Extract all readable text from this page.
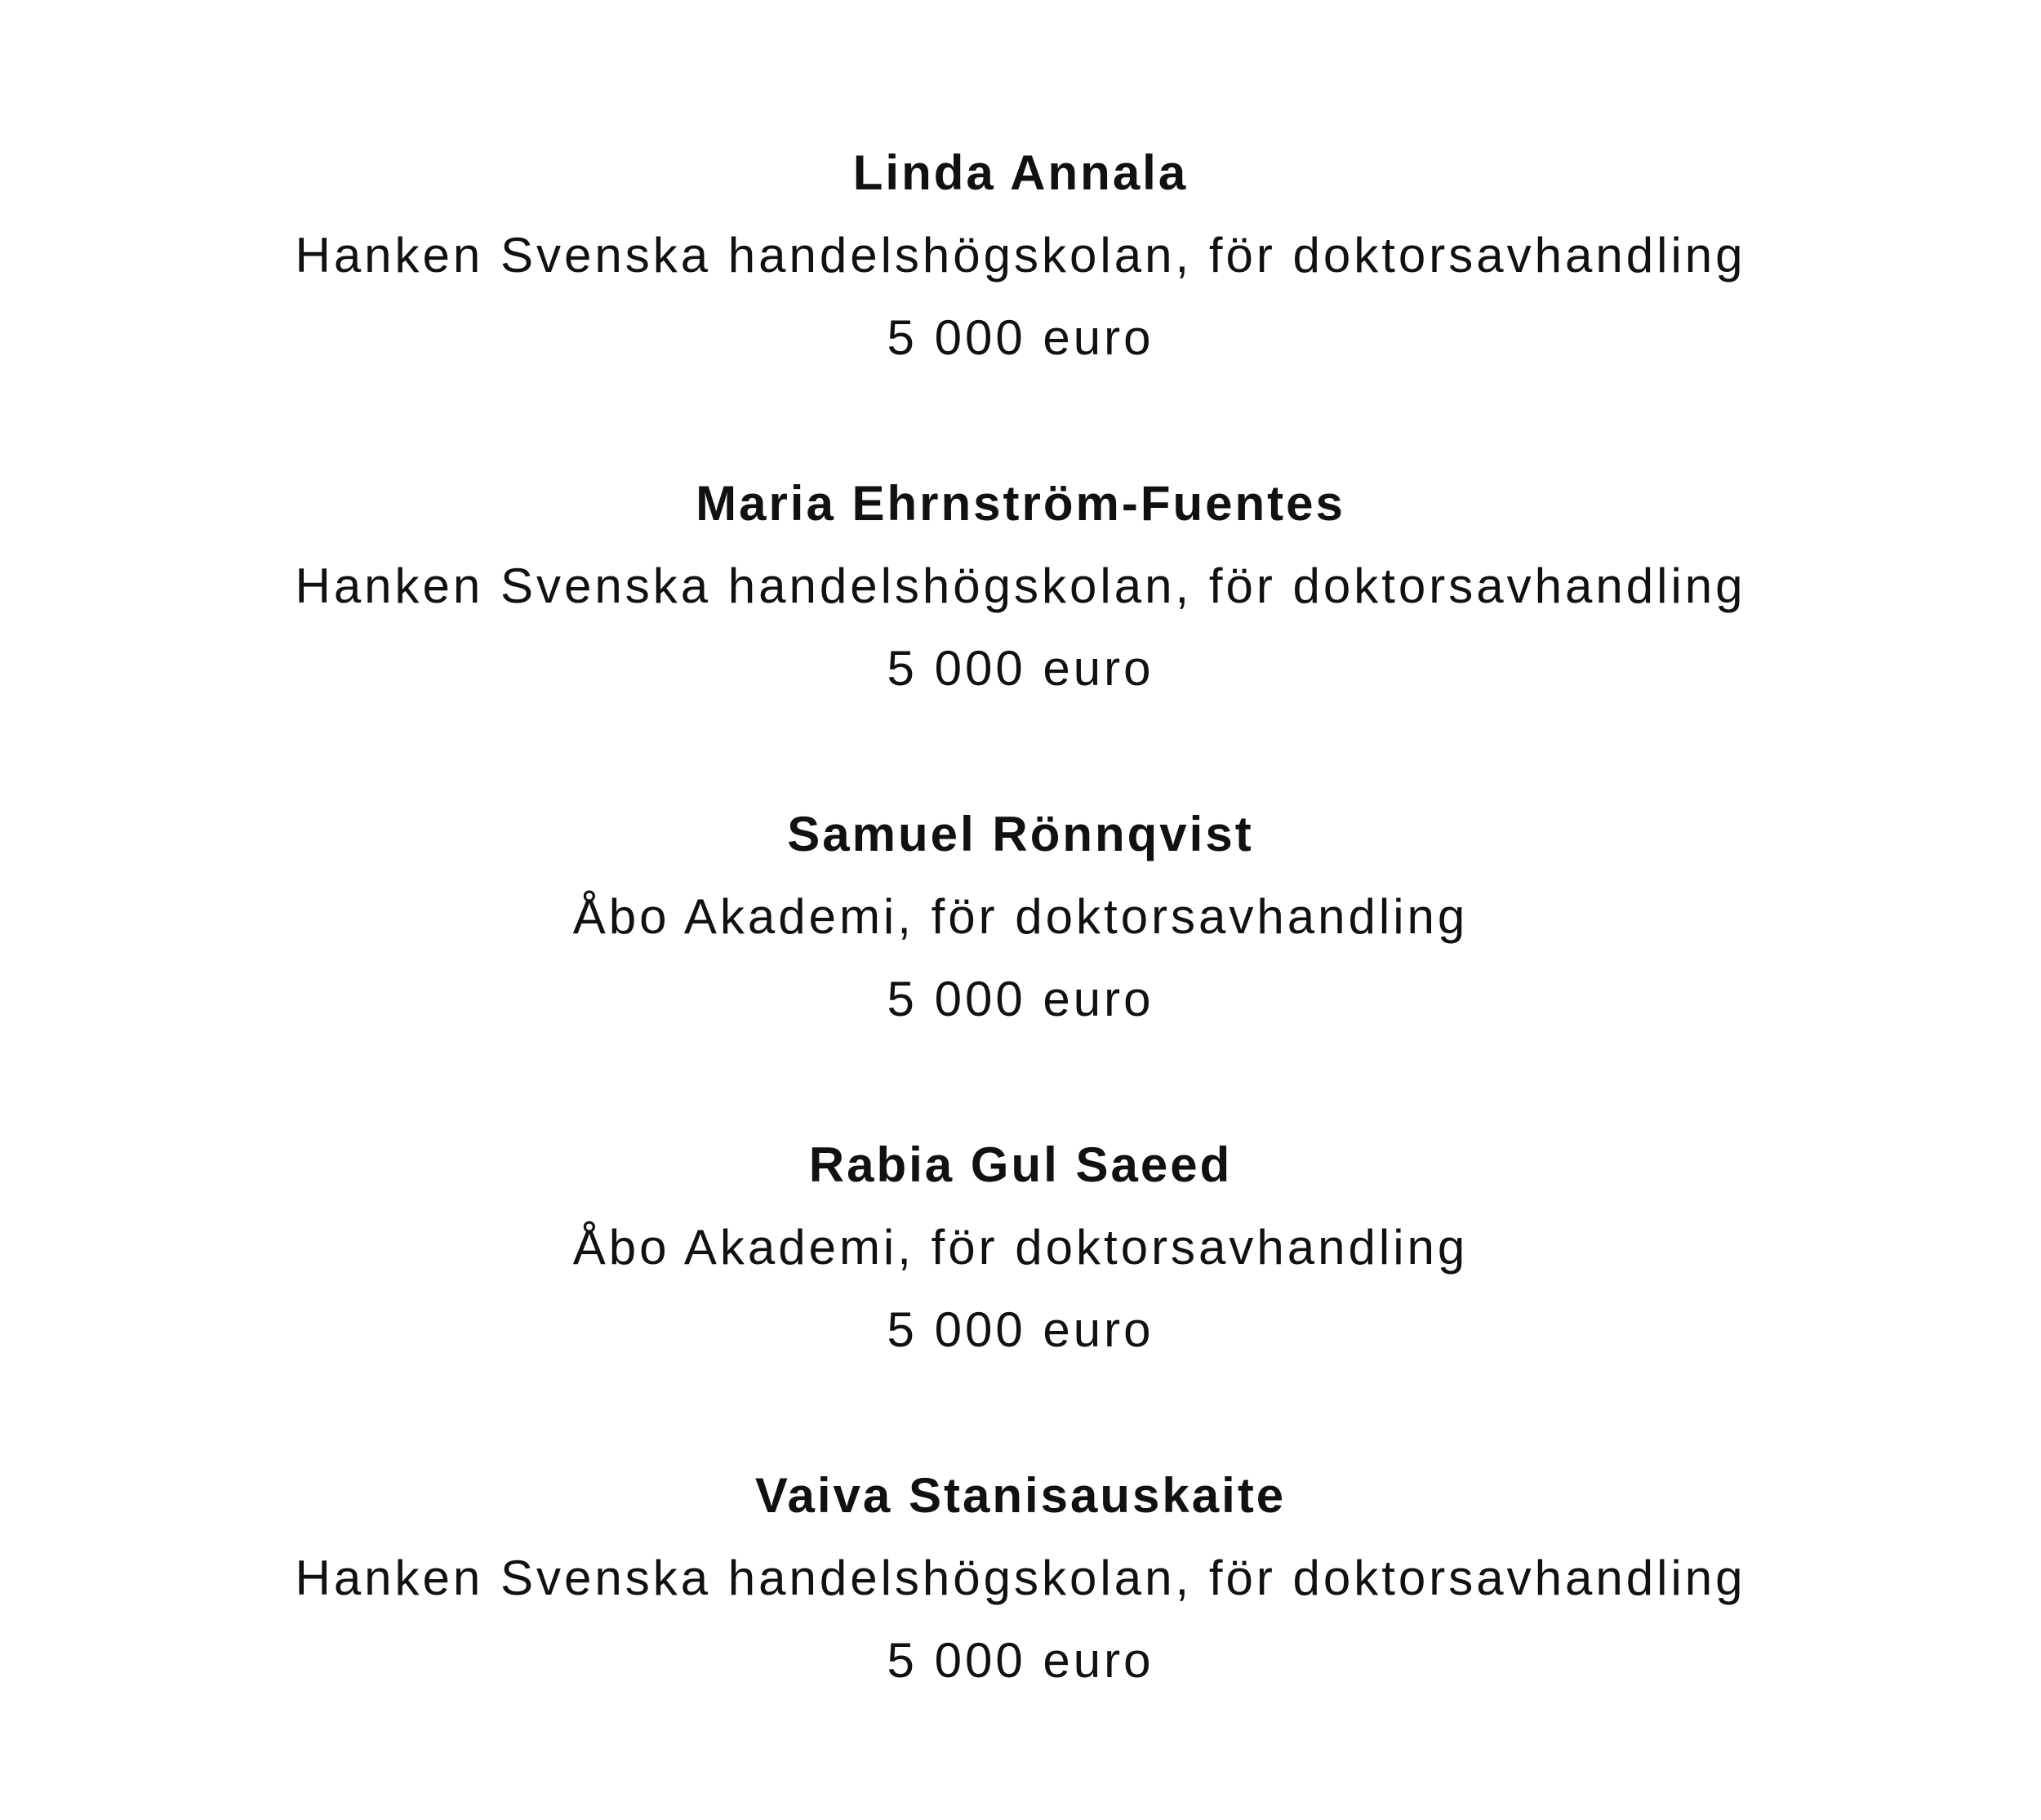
Linda Annala
Hanken Svenska handelshögskolan, för doktorsavhandling
5 000 euro
Maria Ehrnström-Fuentes
Hanken Svenska handelshögskolan, för doktorsavhandling
5 000 euro
Samuel Rönnqvist
Åbo Akademi, för doktorsavhandling
5 000 euro
Rabia Gul Saeed
Åbo Akademi, för doktorsavhandling
5 000 euro
Vaiva Stanisauskaite
Hanken Svenska handelshögskolan, för doktorsavhandling
5 000 euro
